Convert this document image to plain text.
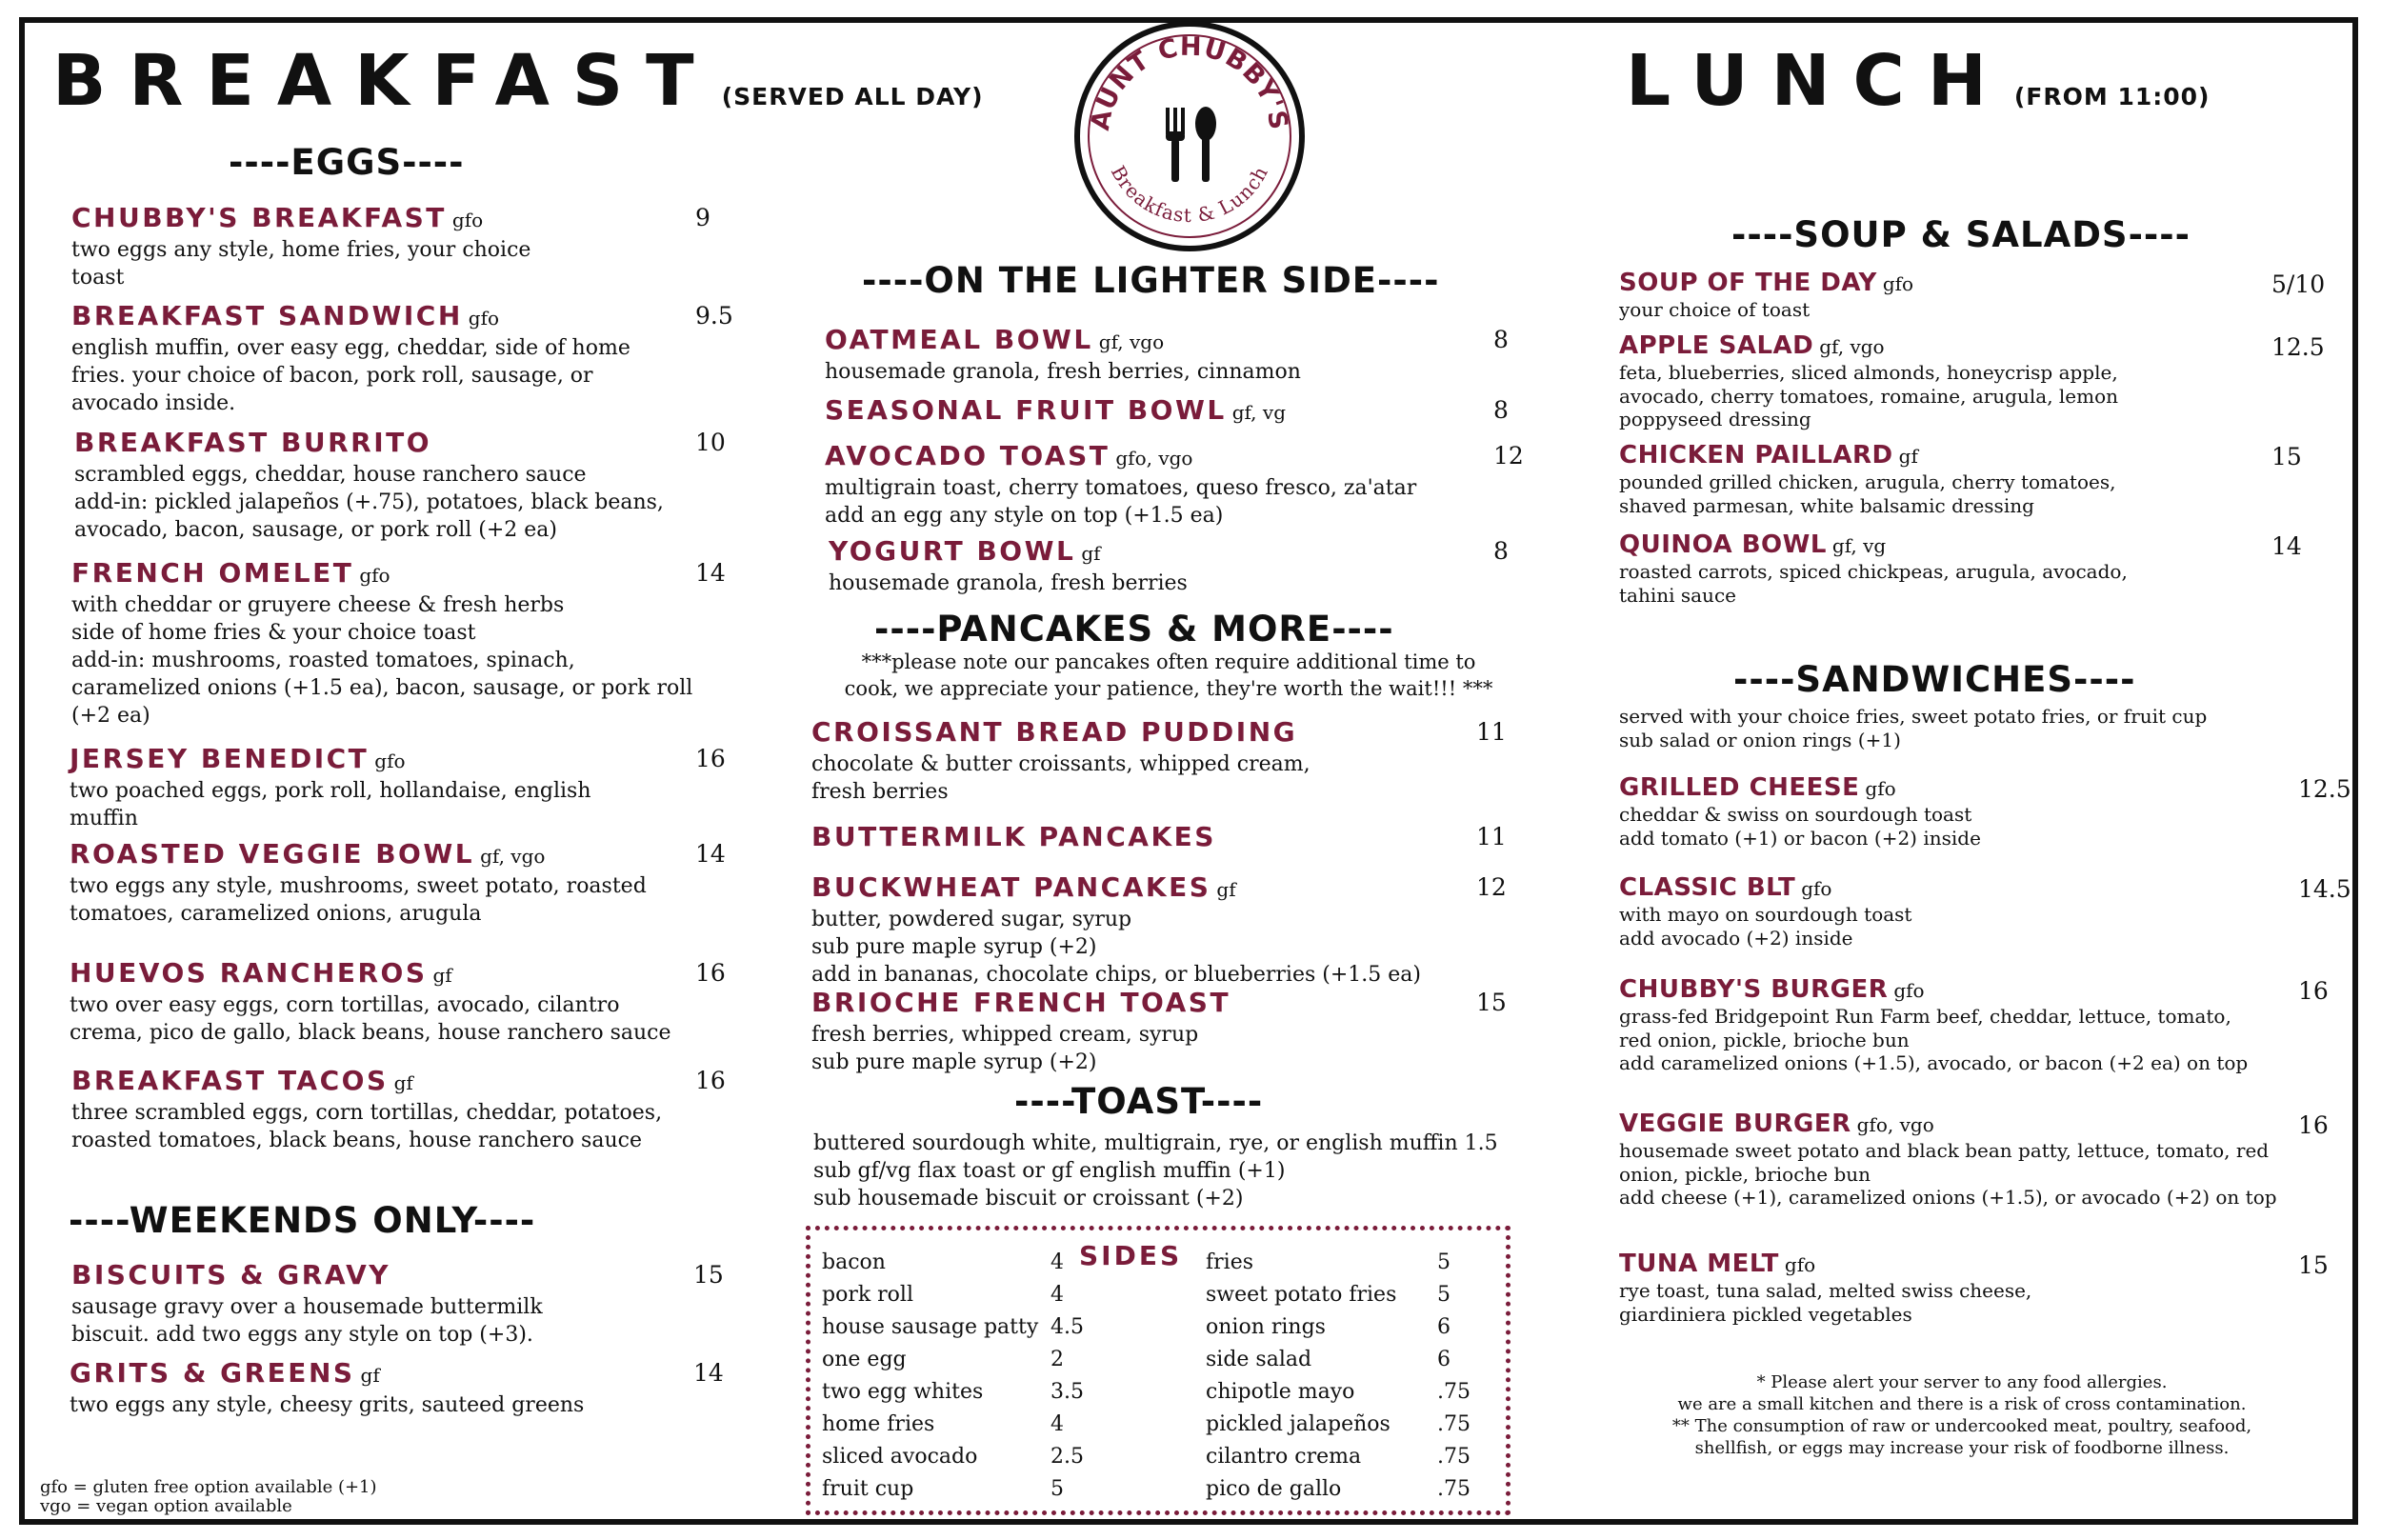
AUNT CHUBBY'S
Breakfast & Lunch
BREAKFAST (SERVED ALL DAY)
----EGGS----
CHUBBY'S BREAKFAST gfo
two eggs any style, home fries, your choice
toast
9
BREAKFAST SANDWICH gfo
english muffin, over easy egg, cheddar, side of home
fries. your choice of bacon, pork roll, sausage, or
avocado inside.
9.5
BREAKFAST BURRITO
scrambled eggs, cheddar, house ranchero sauce
add-in: pickled jalapeños (+.75), potatoes, black beans,
avocado, bacon, sausage, or pork roll (+2 ea)
10
FRENCH OMELET gfo
with cheddar or gruyere cheese & fresh herbs
side of home fries & your choice toast
add-in: mushrooms, roasted tomatoes, spinach,
caramelized onions (+1.5 ea), bacon, sausage, or pork roll
(+2 ea)
14
JERSEY BENEDICT gfo
two poached eggs, pork roll, hollandaise, english
muffin
16
ROASTED VEGGIE BOWL gf, vgo
two eggs any style, mushrooms, sweet potato, roasted
tomatoes, caramelized onions, arugula
14
HUEVOS RANCHEROS gf
two over easy eggs, corn tortillas, avocado, cilantro
crema, pico de gallo, black beans, house ranchero sauce
16
BREAKFAST TACOS gf
three scrambled eggs, corn tortillas, cheddar, potatoes,
roasted tomatoes, black beans, house ranchero sauce
16
----WEEKENDS ONLY----
BISCUITS & GRAVY
sausage gravy over a housemade buttermilk
biscuit. add two eggs any style on top (+3).
15
GRITS & GREENS gf
two eggs any style, cheesy grits, sauteed greens
14
gfo = gluten free option available (+1)
vgo = vegan option available
----ON THE LIGHTER SIDE----
OATMEAL BOWL gf, vgo
housemade granola, fresh berries, cinnamon
8
SEASONAL FRUIT BOWL gf, vg	8
AVOCADO TOAST gfo, vgo
multigrain toast, cherry tomatoes, queso fresco, za'atar
add an egg any style on top (+1.5 ea)
12
YOGURT BOWL gf
housemade granola, fresh berries
8
----PANCAKES & MORE----
***please note our pancakes often require additional time to
cook, we appreciate your patience, they're worth the wait!!! ***
CROISSANT BREAD PUDDING
chocolate & butter croissants, whipped cream,
fresh berries
11
BUTTERMILK PANCAKES	11
BUCKWHEAT PANCAKES gf
butter, powdered sugar, syrup
sub pure maple syrup (+2)
add in bananas, chocolate chips, or blueberries (+1.5 ea)
12
BRIOCHE FRENCH TOAST
fresh berries, whipped cream, syrup
sub pure maple syrup (+2)
15
----TOAST----
buttered sourdough white, multigrain, rye, or english muffin 1.5
sub gf/vg flax toast or gf english muffin (+1)
sub housemade biscuit or croissant (+2)
SIDES
bacon	4
pork roll	4
house sausage patty 4.5
one egg	2
two egg whites	3.5
home fries	4
sliced avocado	2.5
fruit cup	5
fries	5
sweet potato fries 5
onion rings	6
side salad	6
chipotle mayo	.75
pickled jalapeños .75
cilantro crema	.75
pico de gallo	.75
LUNCH (FROM 11:00)
----SOUP & SALADS----
SOUP OF THE DAY gfo
your choice of toast
5/10
APPLE SALAD gf, vgo
feta, blueberries, sliced almonds, honeycrisp apple,
avocado, cherry tomatoes, romaine, arugula, lemon
poppyseed dressing
12.5
CHICKEN PAILLARD gf
pounded grilled chicken, arugula, cherry tomatoes,
shaved parmesan, white balsamic dressing
15
QUINOA BOWL gf, vg
roasted carrots, spiced chickpeas, arugula, avocado,
tahini sauce
14
----SANDWICHES----
served with your choice fries, sweet potato fries, or fruit cup
sub salad or onion rings (+1)
GRILLED CHEESE gfo
cheddar & swiss on sourdough toast
add tomato (+1) or bacon (+2) inside
12.5
CLASSIC BLT gfo
with mayo on sourdough toast
add avocado (+2) inside
14.5
CHUBBY'S BURGER gfo
grass-fed Bridgepoint Run Farm beef, cheddar, lettuce, tomato,
red onion, pickle, brioche bun
add caramelized onions (+1.5), avocado, or bacon (+2 ea) on top
16
VEGGIE BURGER gfo, vgo
housemade sweet potato and black bean patty, lettuce, tomato, red
onion, pickle, brioche bun
add cheese (+1), caramelized onions (+1.5), or avocado (+2) on top
16
TUNA MELT gfo
rye toast, tuna salad, melted swiss cheese,
giardiniera pickled vegetables
15
* Please alert your server to any food allergies.
we are a small kitchen and there is a risk of cross contamination.
** The consumption of raw or undercooked meat, poultry, seafood,
shellfish, or eggs may increase your risk of foodborne illness.
